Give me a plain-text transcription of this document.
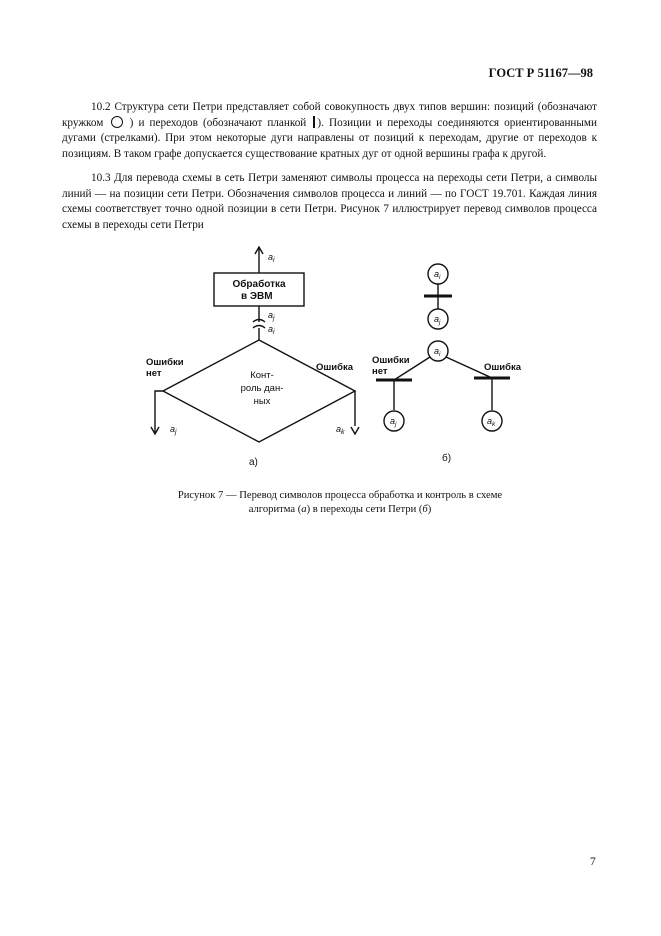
ГОСТ Р 51167—98

10.2 Структура сети Петри представляет собой совокупность двух типов вершин: позиций (обозначают кружком ) и переходов (обозначают планкой ). Позиции и переходы соединяются ориентированными дугами (стрелками). При этом некоторые дуги направлены от позиций к переходам, другие от переходов к позициям. В таком графе допускается существование кратных дуг от одной вершины графа к другой.

10.3 Для перевода схемы в сеть Петри заменяют символы процесса на переходы сети Петри, а символы линий — на позиции сети Петри. Обозначения символов процесса и линий — по ГОСТ 19.701. Каждая линия схемы соответствует точно одной позиции в сети Петри. Рисунок 7 иллюстрирует перевод символов процесса схемы в переходы сети Петри

Обработка
в ЭВМ
Конт-
роль дан-
ных
Ошибки
нет
Ошибка
$a_i$
$a_j$
$a_i$
$a_j$	$a_k$
а)
$a_i$
$a_j$
$a_i$
$a_j$	$a_k$
Ошибки
нет	Ошибка
б)

Рисунок 7 — Перевод символов процесса обработка и контроль в схеме
алгоритма (а) в переходы сети Петри (б)

7
